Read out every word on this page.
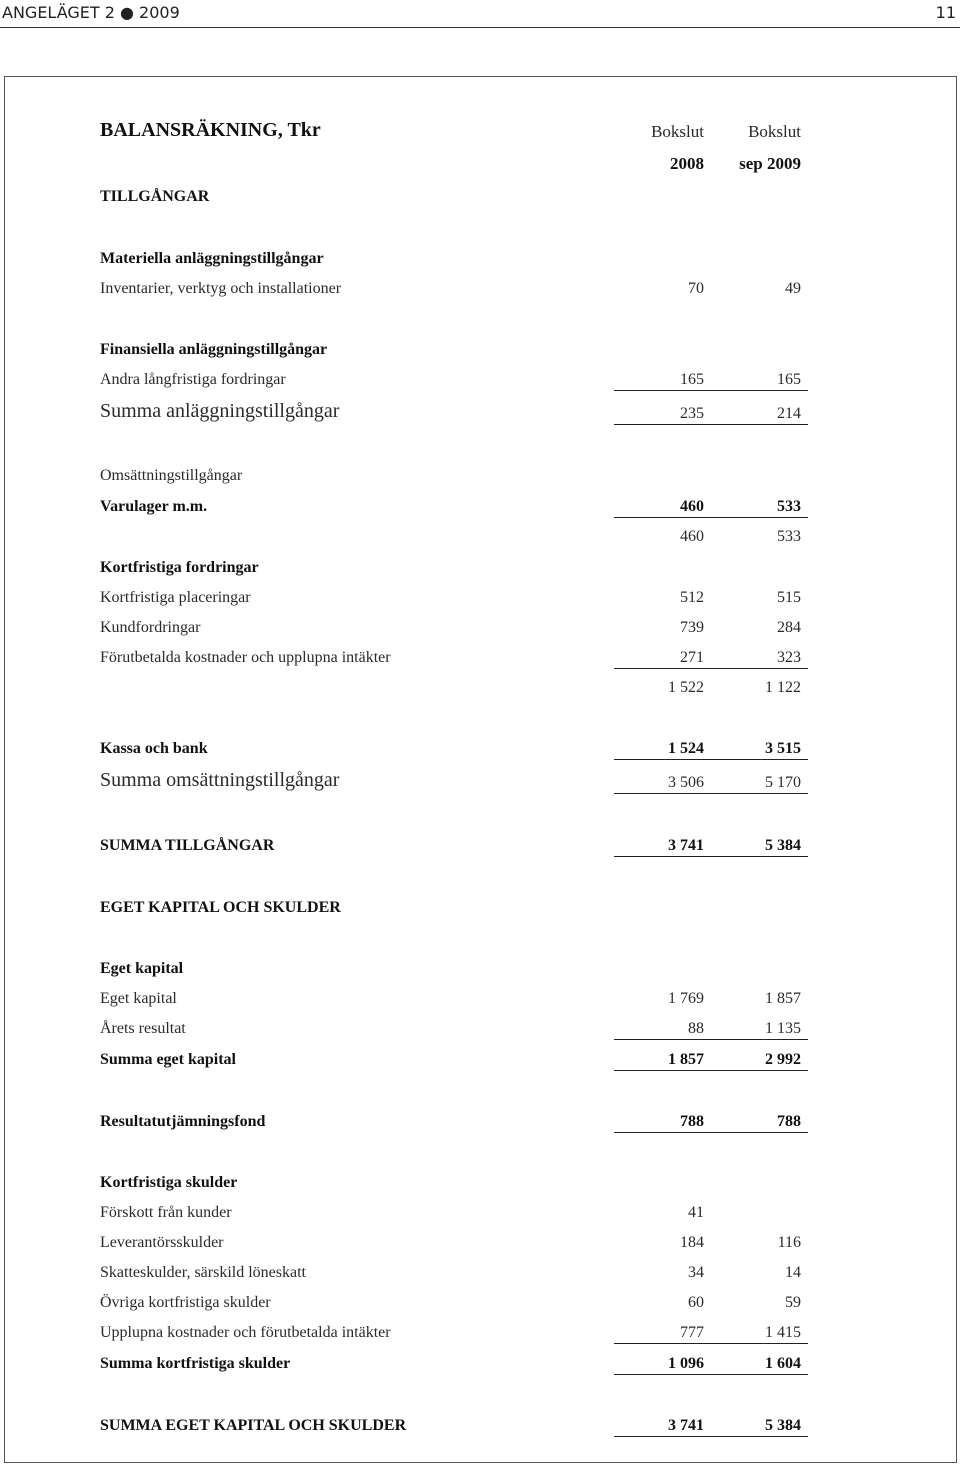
ANGELÄGET 2 ● 2009	11
BALANSRÄKNING, Tkr	Bokslut	Bokslut
2008 sep 2009
TILLGÅNGAR
Materiella anläggningstillgångar
Inventarier, verktyg och installationer	70	49
Finansiella anläggningstillgångar
Andra långfristiga fordringar	165	165
Summa anläggningstillgångar	235	214
Omsättningstillgångar
Varulager m.m.	460	533
460	533
Kortfristiga fordringar
Kortfristiga placeringar	512	515
Kundfordringar	739	284
Förutbetalda kostnader och upplupna intäkter	271	323
1 522	1 122
Kassa och bank	1 524	3 515
Summa omsättningstillgångar	3 506	5 170
SUMMA TILLGÅNGAR	3 741	5 384
EGET KAPITAL OCH SKULDER
Eget kapital
Eget kapital	1 769	1 857
Årets resultat	88	1 135
Summa eget kapital	1 857	2 992
Resultatutjämningsfond	788	788
Kortfristiga skulder
Förskott från kunder	41
Leverantörsskulder	184	116
Skatteskulder, särskild löneskatt	34	14
Övriga kortfristiga skulder	60	59
Upplupna kostnader och förutbetalda intäkter	777	1 415
Summa kortfristiga skulder	1 096	1 604
SUMMA EGET KAPITAL OCH SKULDER	3 741	5 384
